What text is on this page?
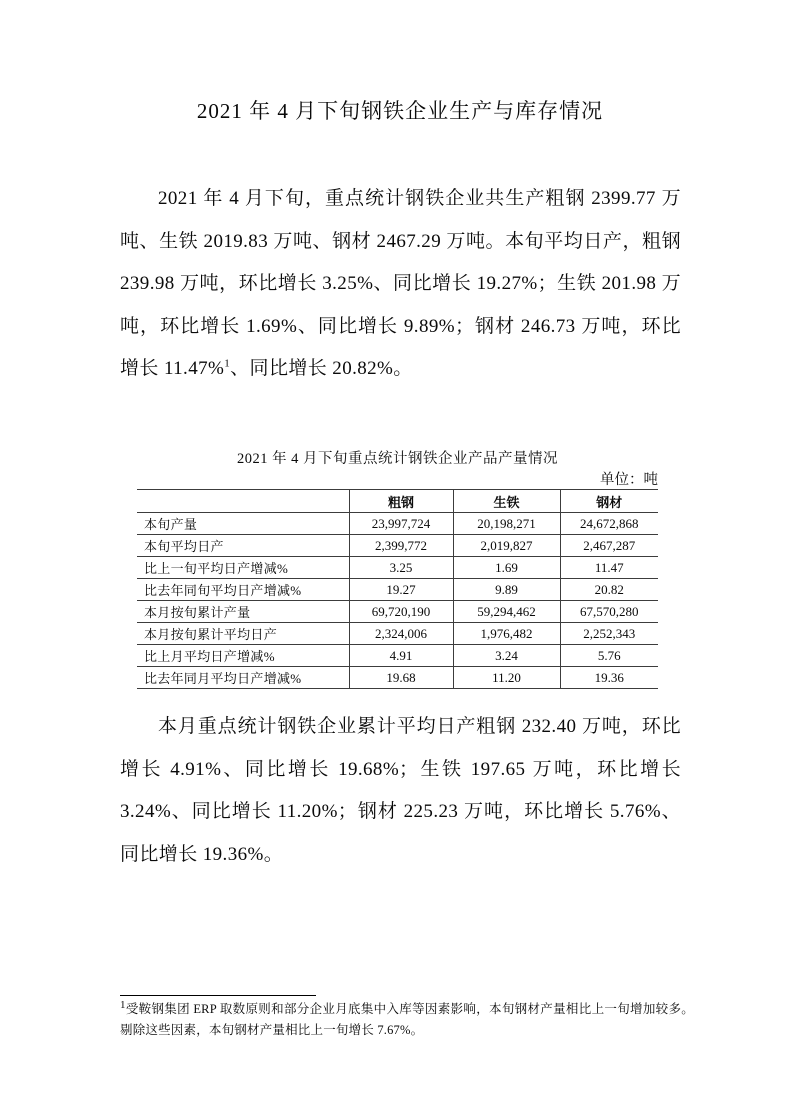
2021 年 4 月下旬钢铁企业生产与库存情况
2021 年 4 月下旬，重点统计钢铁企业共生产粗钢 2399.77 万吨、生铁 2019.83 万吨、钢材 2467.29 万吨。本旬平均日产，粗钢 239.98 万吨，环比增长 3.25%、同比增长 19.27%；生铁 201.98 万吨，环比增长 1.69%、同比增长 9.89%；钢材 246.73 万吨，环比增长 11.47%$^1$、同比增长 20.82%。
2021 年 4 月下旬重点统计钢铁企业产品产量情况
单位：吨
	粗钢	生铁	钢材
本旬产量	23,997,724	20,198,271	24,672,868
本旬平均日产	2,399,772	2,019,827	2,467,287
比上一旬平均日产增减%	3.25	1.69	11.47
比去年同旬平均日产增减%	19.27	9.89	20.82
本月按旬累计产量	69,720,190	59,294,462	67,570,280
本月按旬累计平均日产	2,324,006	1,976,482	2,252,343
比上月平均日产增减%	4.91	3.24	5.76
比去年同月平均日产增减%	19.68	11.20	19.36
本月重点统计钢铁企业累计平均日产粗钢 232.40 万吨，环比增长 4.91%、同比增长 19.68%；生铁 197.65 万吨，环比增长 3.24%、同比增长 11.20%；钢材 225.23 万吨，环比增长 5.76%、同比增长 19.36%。
$^1$受鞍钢集团 ERP 取数原则和部分企业月底集中入库等因素影响，本旬钢材产量相比上一旬增加较多。剔除这些因素，本旬钢材产量相比上一旬增长 7.67%。
